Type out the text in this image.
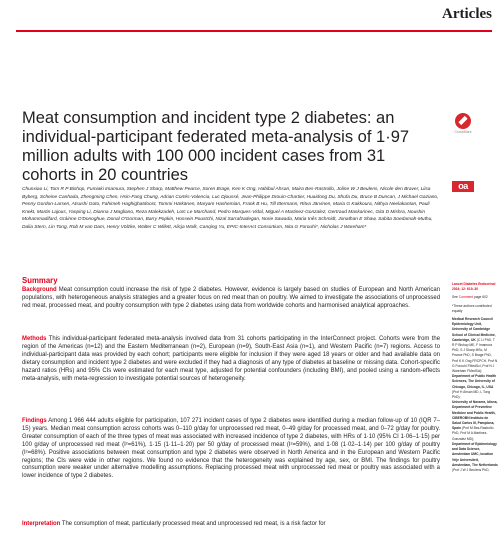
Articles
CrossMark
Meat consumption and incident type 2 diabetes: an individual-participant federated meta-analysis of 1·97 million adults with 100 000 incident cases from 31 cohorts in 20 countries
oa
Chunxiao Li, Tom R P Bishop, Fumiaki Imamura, Stephen J Sharp, Matthew Pearce, Soren Brage, Ken K Ong, Habibul Ahsan, Maira Bes-Rastrollo, Joline W J Beulens, Nicole den Braver, Liisa Byberg, Scheine Canhada, Zhengming Chen, Hsin-Fang Chung, Adrian Cortés-Valencia, Luc Djoussé, Jean-Philippe Drouin-Chartier, Huaidong Du, Shufa Du, Bruce B Duncan, J Michael Gaziano, Penny Gordon-Larsen, Atsushi Goto, Fahimeh Haghighatdoost, Tommi Härkänen, Maryam Hashemian, Frank B Hu, Till Ittermann, Ritva Järvinen, Maria G Kakkoura, Nithya Neelakantan, Pauli Knekt, Martin Lajous, Yanping Li, Dianna J Magliano, Reza Malekzadeh, Loïc Le Marchand, Pedro Marques-Vidal, Miguel A Martinez-Gonzalez, Gertraud Maskarinec, Gita D Mishra, Noushin Mohammadifard, Gráinne O'Donoghue, Donal O'Gorman, Barry Popkin, Hossein Poustchi, Nizal Sarrafzadegan, Norie Sawada, Maria Inês Schmidt, Jonathan E Shaw, Sabita Soedamah-Muthu, Dalia Stern, Lin Tong, Rob M van Dam, Henry Völzke, Walter C Willett, Alicja Wolk, Canqing Yu, EPIC-InterAct Consortium, Nita G Forouhi*, Nicholas J Wareham*
Summary

Background Meat consumption could increase the risk of type 2 diabetes. However, evidence is largely based on studies of European and North American populations, with heterogeneous analysis strategies and a greater focus on red meat than on poultry. We aimed to investigate the associations of unprocessed red meat, processed meat, and poultry consumption with type 2 diabetes using data from worldwide cohorts and harmonised analytical approaches.

Methods This individual-participant federated meta-analysis involved data from 31 cohorts participating in the InterConnect project. Cohorts were from the region of the Americas (n=12) and the Eastern Mediterranean (n=2), European (n=9), South-East Asia (n=1), and Western Pacific (n=7) regions. Access to individual-participant data was provided by each cohort; participants were eligible for inclusion if they were aged 18 years or older and had available data on dietary consumption and incident type 2 diabetes and were excluded if they had a diagnosis of any type of diabetes at baseline or missing data. Cohort-specific hazard ratios (HRs) and 95% CIs were estimated for each meat type, adjusted for potential confounders (including BMI), and pooled using a random-effects meta-analysis, with meta-regression to investigate potential sources of heterogeneity.

Findings Among 1 966 444 adults eligible for participation, 107 271 incident cases of type 2 diabetes were identified during a median follow-up of 10 (IQR 7–15) years. Median meat consumption across cohorts was 0–110 g/day for unprocessed red meat, 0–49 g/day for processed meat, and 0–72 g/day for poultry. Greater consumption of each of the three types of meat was associated with increased incidence of type 2 diabetes, with HRs of 1·10 (95% CI 1·06–1·15) per 100 g/day of unprocessed red meat (I²=61%), 1·15 (1·11–1·20) per 50 g/day of processed meat (I²=59%), and 1·08 (1·02–1·14) per 100 g/day of poultry (I²=68%). Positive associations between meat consumption and type 2 diabetes were observed in North America and in the European and Western Pacific regions; the CIs were wide in other regions. We found no evidence that the heterogeneity was explained by age, sex, or BMI. The findings for poultry consumption were weaker under alternative modelling assumptions. Replacing processed meat with unprocessed red meat or poultry was associated with a lower incidence of type 2 diabetes.

Interpretation The consumption of meat, particularly processed meat and unprocessed red meat, is a risk factor for

Lancet Diabetes Endocrinol
2024; 12: 619–30
See Comment page 602
*These authors contributed equally
Medical Research Council Epidemiology Unit, University of Cambridge School of Clinical Medicine, Cambridge, UK (C Li PhD, T R P Bishop ME, F Imamura PhD, S J Sharp MSc, M Pearce PhD, S Brage PhD, Prof K K Ong FRCPCH, Prof N G Forouhi FMedSci, Prof N J Wareham FMedSci);
Department of Public Health Sciences, The University of Chicago, Chicago, IL, USA (Prof H Ahsan MD, L Tong PhD);
University of Navarra, Idisna, Department of Preventive Medicine and Public Health, CIBEROBN Instituto de Salud Carlos III, Pamplona, Spain (Prof M Bes-Rastrollo PhD, Prof M A Martinez-Gonzalez MD);
Department of Epidemiology and Data Science, Amsterdam UMC, location Vrije Universiteit, Amsterdam, The Netherlands (Prof J W J Beulens PhD,
